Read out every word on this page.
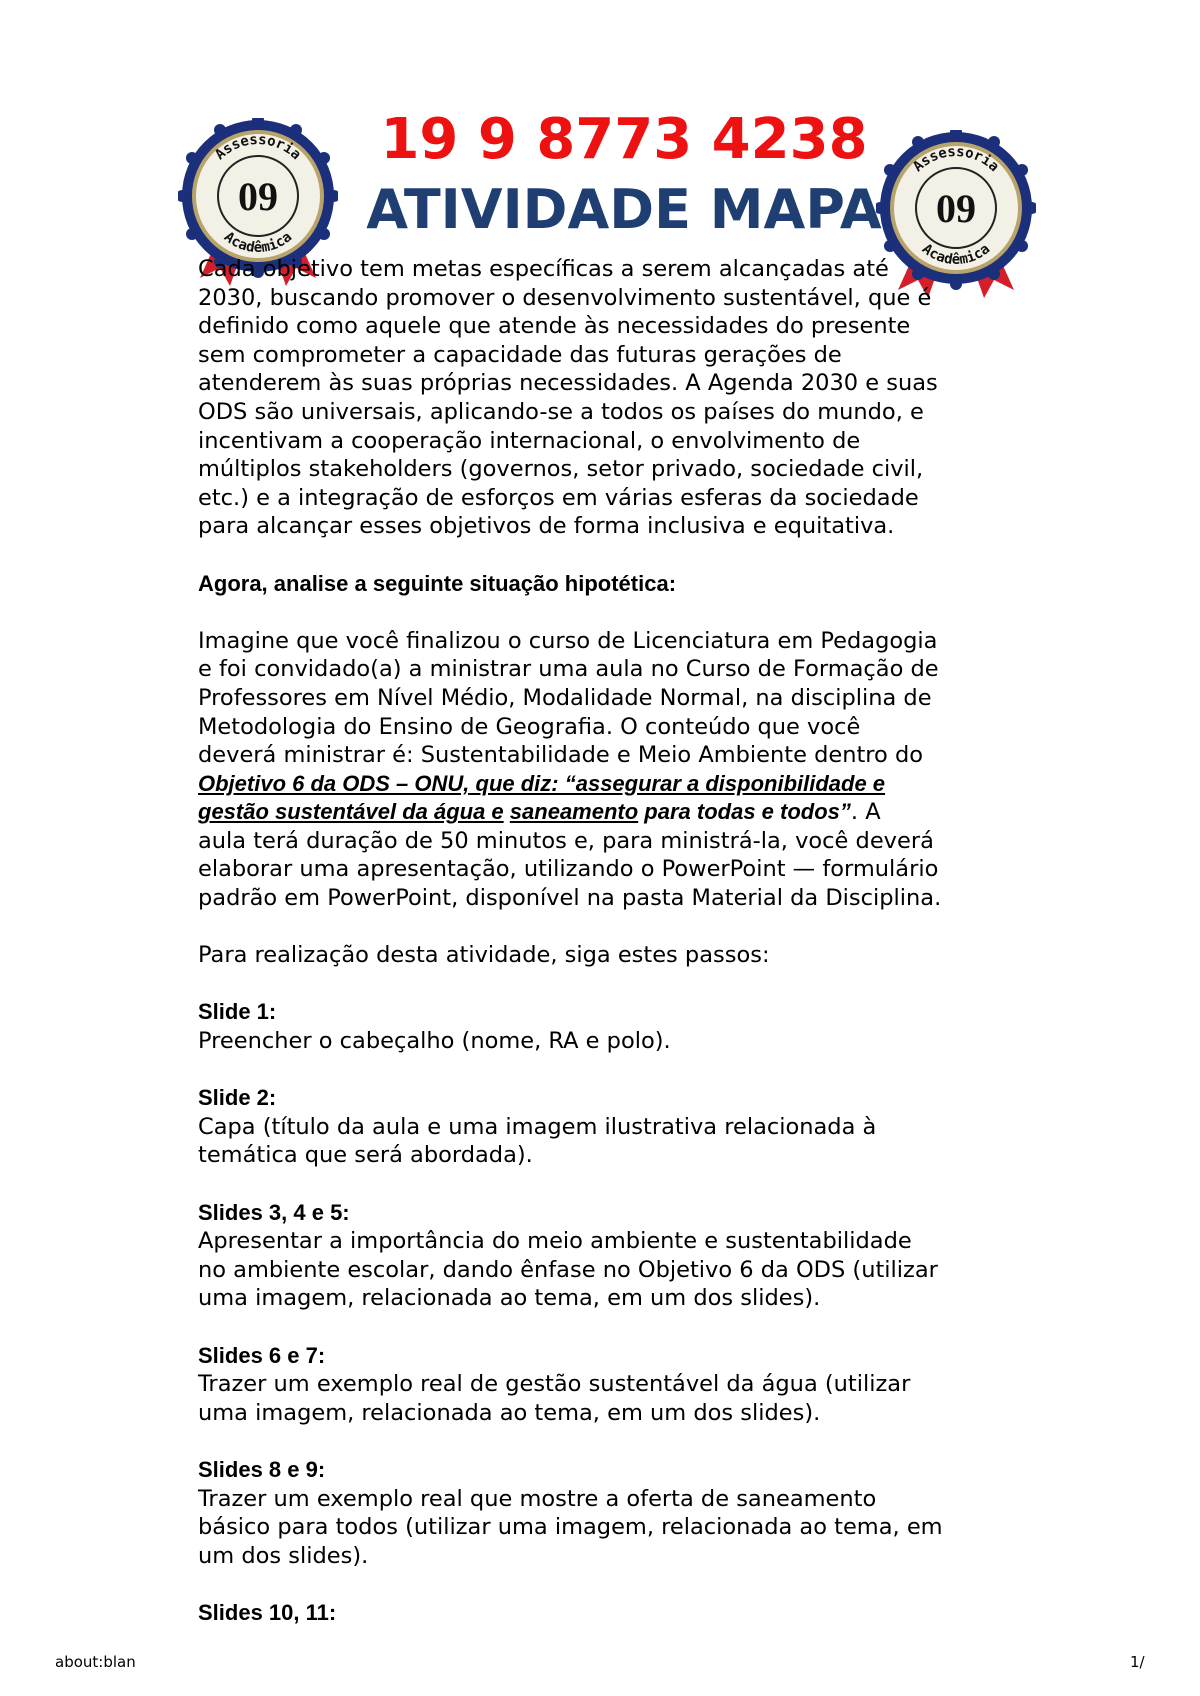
09
Assessoria
Acadêmica
09
Assessoria
Acadêmica
19 9 8773 4238
ATIVIDADE MAPA

Cada objetivo tem metas específicas a serem alcançadas até

2030, buscando promover o desenvolvimento sustentável, que é

definido como aquele que atende às necessidades do presente

sem comprometer a capacidade das futuras gerações de

atenderem às suas próprias necessidades. A Agenda 2030 e suas

ODS são universais, aplicando-se a todos os países do mundo, e

incentivam a cooperação internacional, o envolvimento de

múltiplos stakeholders (governos, setor privado, sociedade civil,

etc.) e a integração de esforços em várias esferas da sociedade

para alcançar esses objetivos de forma inclusiva e equitativa.

Agora, analise a seguinte situação hipotética:

Imagine que você finalizou o curso de Licenciatura em Pedagogia

e foi convidado(a) a ministrar uma aula no Curso de Formação de

Professores em Nível Médio, Modalidade Normal, na disciplina de

Metodologia do Ensino de Geografia. O conteúdo que você

deverá ministrar é: Sustentabilidade e Meio Ambiente dentro do

Objetivo 6 da ODS – ONU, que diz: “assegurar a disponibilidade e

gestão sustentável da água e saneamento para todas e todos”. A

aula terá duração de 50 minutos e, para ministrá-la, você deverá

elaborar uma apresentação, utilizando o PowerPoint — formulário

padrão em PowerPoint, disponível na pasta Material da Disciplina.

Para realização desta atividade, siga estes passos:

Slide 1:

Preencher o cabeçalho (nome, RA e polo).

Slide 2:

Capa (título da aula e uma imagem ilustrativa relacionada à

temática que será abordada).

Slides 3, 4 e 5:

Apresentar a importância do meio ambiente e sustentabilidade

no ambiente escolar, dando ênfase no Objetivo 6 da ODS (utilizar

uma imagem, relacionada ao tema, em um dos slides).

Slides 6 e 7:

Trazer um exemplo real de gestão sustentável da água (utilizar

uma imagem, relacionada ao tema, em um dos slides).

Slides 8 e 9:

Trazer um exemplo real que mostre a oferta de saneamento

básico para todos (utilizar uma imagem, relacionada ao tema, em

um dos slides).

Slides 10, 11:

about:blan	1/
